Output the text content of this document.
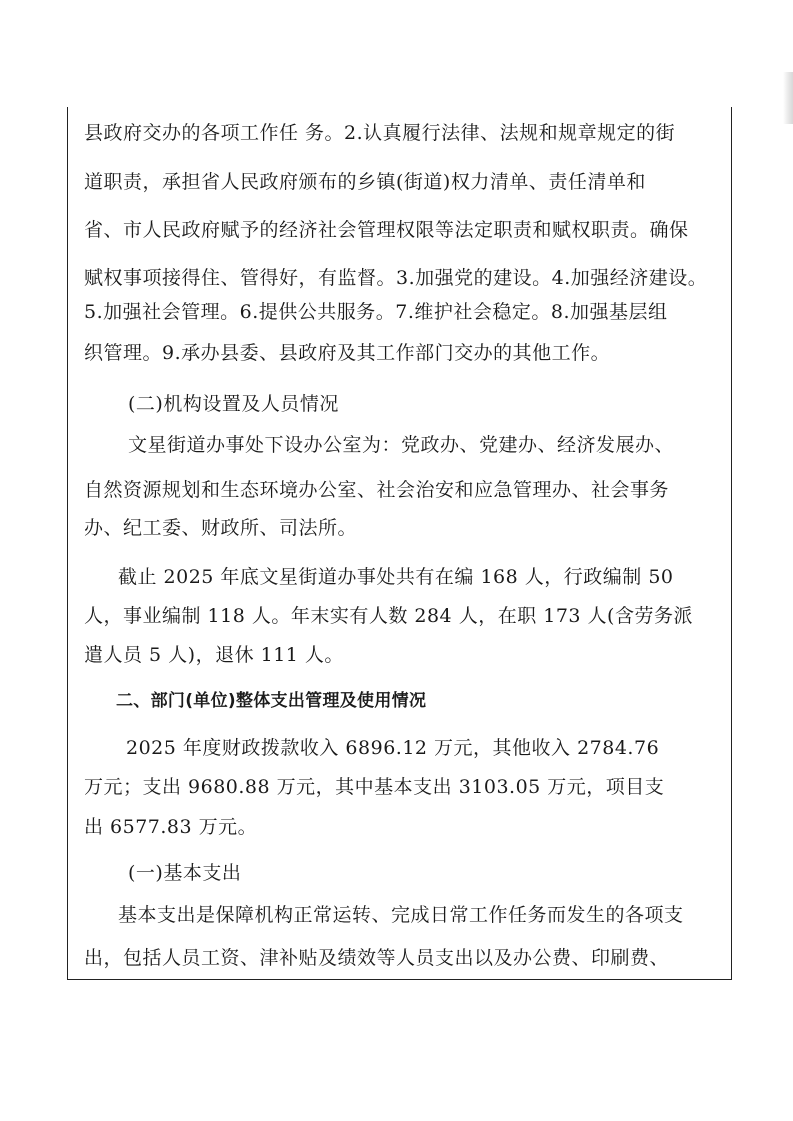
县政府交办的各项工作任 务。2.认真履行法律、法规和规章规定的街
道职责，承担省人民政府颁布的乡镇(街道)权力清单、责任清单和
省、市人民政府赋予的经济社会管理权限等法定职责和赋权职责。确保
赋权事项接得住、管得好，有监督。3.加强党的建设。4.加强经济建设。
5.加强社会管理。6.提供公共服务。7.维护社会稳定。8.加强基层组
织管理。9.承办县委、县政府及其工作部门交办的其他工作。
(二)机构设置及人员情况
文星街道办事处下设办公室为：党政办、党建办、经济发展办、
自然资源规划和生态环境办公室、社会治安和应急管理办、社会事务
办、纪工委、财政所、司法所。
截止 2025 年底文星街道办事处共有在编 168 人，行政编制 50
人，事业编制 118 人。年末实有人数 284 人，在职 173 人(含劳务派
遣人员 5 人)，退休 111 人。
二、部门(单位)整体支出管理及使用情况
2025 年度财政拨款收入 6896.12 万元，其他收入 2784.76
万元；支出 9680.88 万元，其中基本支出 3103.05 万元，项目支
出 6577.83 万元。
(一)基本支出
基本支出是保障机构正常运转、完成日常工作任务而发生的各项支
出，包括人员工资、津补贴及绩效等人员支出以及办公费、印刷费、
